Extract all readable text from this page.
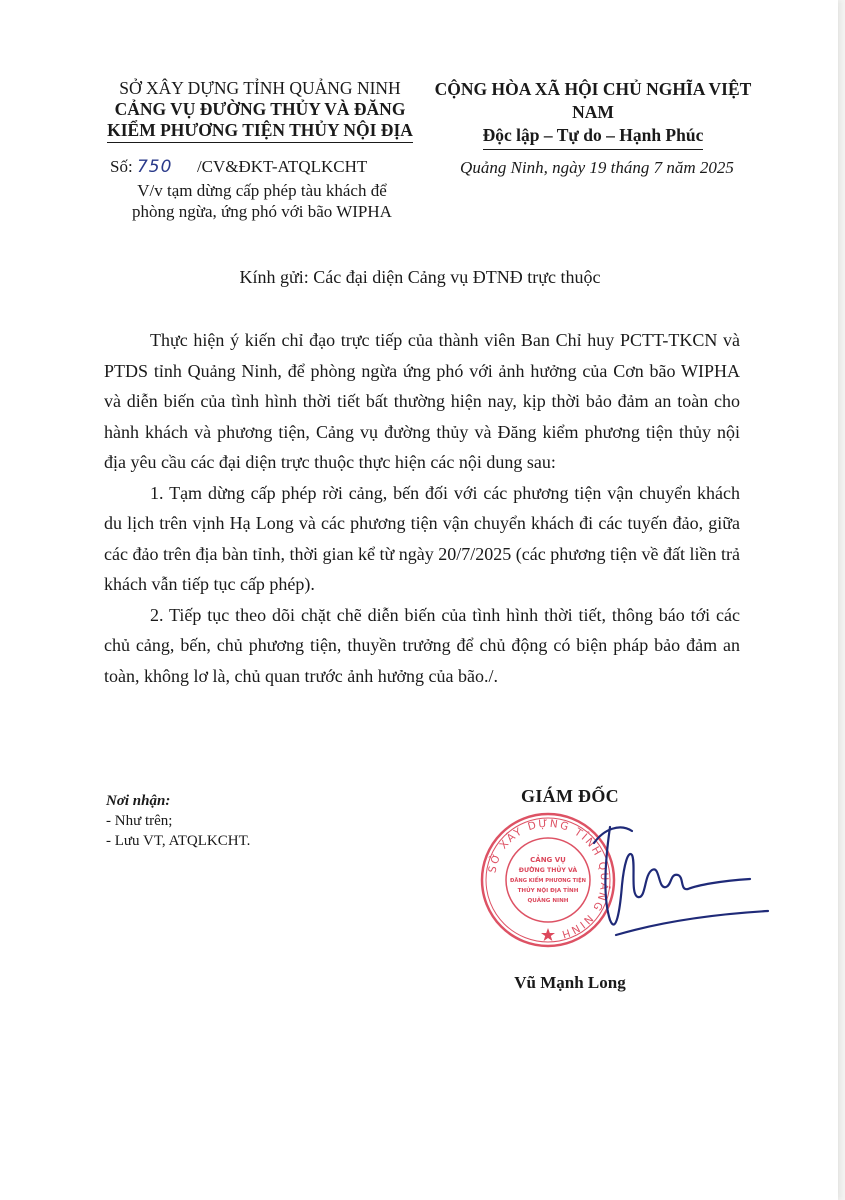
SỞ XÂY DỰNG TỈNH QUẢNG NINH
CẢNG VỤ ĐƯỜNG THỦY VÀ ĐĂNG
KIỂM PHƯƠNG TIỆN THỦY NỘI ĐỊA
CỘNG HÒA XÃ HỘI CHỦ NGHĨA VIỆT NAM
Độc lập – Tự do – Hạnh Phúc
Số: 750 /CV&ĐKT-ATQLKCHT	Quảng Ninh, ngày 19 tháng 7 năm 2025
V/v tạm dừng cấp phép tàu khách để
phòng ngừa, ứng phó với bão WIPHA
Kính gửi: Các đại diện Cảng vụ ĐTNĐ trực thuộc

Thực hiện ý kiến chỉ đạo trực tiếp của thành viên Ban Chỉ huy PCTT-TKCN và PTDS tỉnh Quảng Ninh, để phòng ngừa ứng phó với ảnh hưởng của Cơn bão WIPHA và diễn biến của tình hình thời tiết bất thường hiện nay, kịp thời bảo đảm an toàn cho hành khách và phương tiện, Cảng vụ đường thủy và Đăng kiểm phương tiện thủy nội địa yêu cầu các đại diện trực thuộc thực hiện các nội dung sau:

1. Tạm dừng cấp phép rời cảng, bến đối với các phương tiện vận chuyển khách du lịch trên vịnh Hạ Long và các phương tiện vận chuyển khách đi các tuyến đảo, giữa các đảo trên địa bàn tỉnh, thời gian kể từ ngày 20/7/2025 (các phương tiện về đất liền trả khách vẫn tiếp tục cấp phép).

2. Tiếp tục theo dõi chặt chẽ diễn biến của tình hình thời tiết, thông báo tới các chủ cảng, bến, chủ phương tiện, thuyền trưởng để chủ động có biện pháp bảo đảm an toàn, không lơ là, chủ quan trước ảnh hưởng của bão./.

Nơi nhận:
- Như trên;
- Lưu VT, ATQLKCHT.
GIÁM ĐỐC
SỞ XÂY DỰNG TỈNH QUẢNG NINH
CẢNG VỤ
ĐƯỜNG THỦY VÀ
ĐĂNG KIỂM PHƯƠNG TIỆN
THỦY NỘI ĐỊA TỈNH
QUẢNG NINH
Vũ Mạnh Long
